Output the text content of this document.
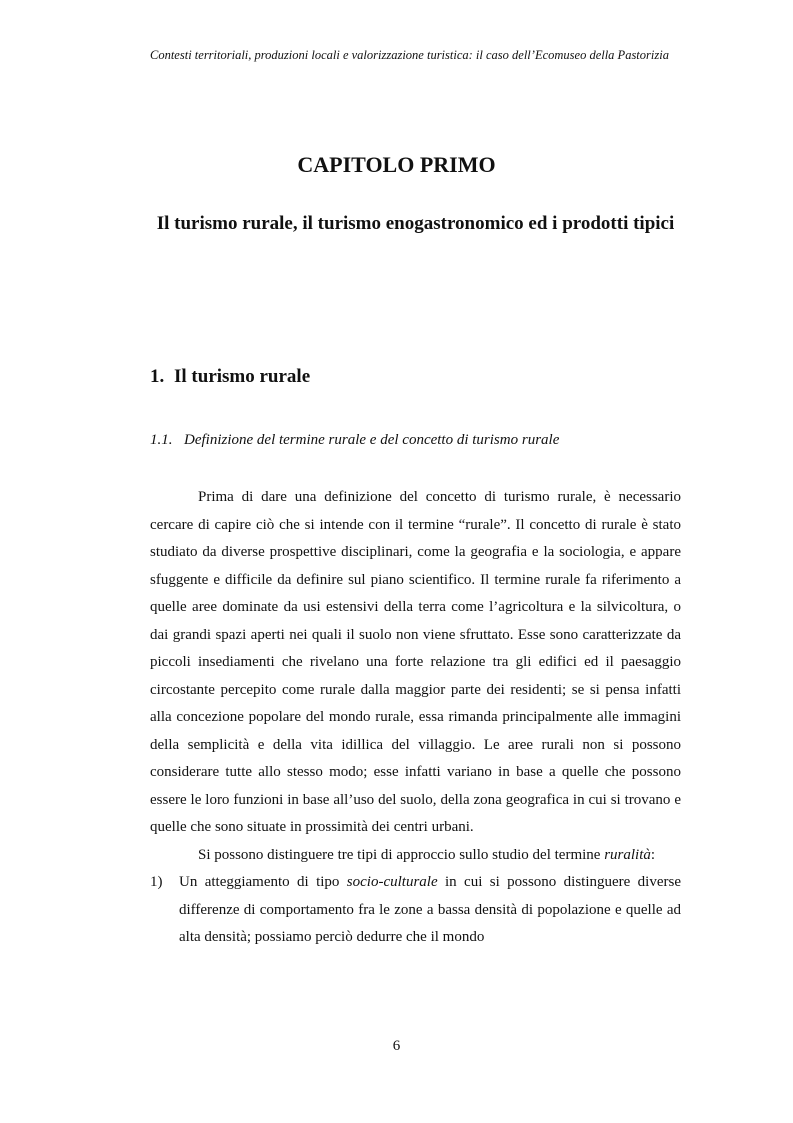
Contesti territoriali, produzioni locali e valorizzazione turistica: il caso dell’Ecomuseo della Pastorizia
CAPITOLO PRIMO
Il turismo rurale, il turismo enogastronomico ed i prodotti tipici
1. Il turismo rurale
1.1. Definizione del termine rurale e del concetto di turismo rurale

Prima di dare una definizione del concetto di turismo rurale, è necessario cercare di capire ciò che si intende con il termine “rurale”. Il concetto di rurale è stato studiato da diverse prospettive disciplinari, come la geografia e la sociologia, e appare sfuggente e difficile da definire sul piano scientifico. Il termine rurale fa riferimento a quelle aree dominate da usi estensivi della terra come l’agricoltura e la silvicoltura, o dai grandi spazi aperti nei quali il suolo non viene sfruttato. Esse sono caratterizzate da piccoli insediamenti che rivelano una forte relazione tra gli edifici ed il paesaggio circostante percepito come rurale dalla maggior parte dei residenti; se si pensa infatti alla concezione popolare del mondo rurale, essa rimanda principalmente alle immagini della semplicità e della vita idillica del villaggio. Le aree rurali non si possono considerare tutte allo stesso modo; esse infatti variano in base a quelle che possono essere le loro funzioni in base all’uso del suolo, della zona geografica in cui si trovano e quelle che sono situate in prossimità dei centri urbani.

Si possono distinguere tre tipi di approccio sullo studio del termine ruralità:

1) Un atteggiamento di tipo socio-culturale in cui si possono distinguere diverse differenze di comportamento fra le zone a bassa densità di popolazione e quelle ad alta densità; possiamo perciò dedurre che il mondo
6
